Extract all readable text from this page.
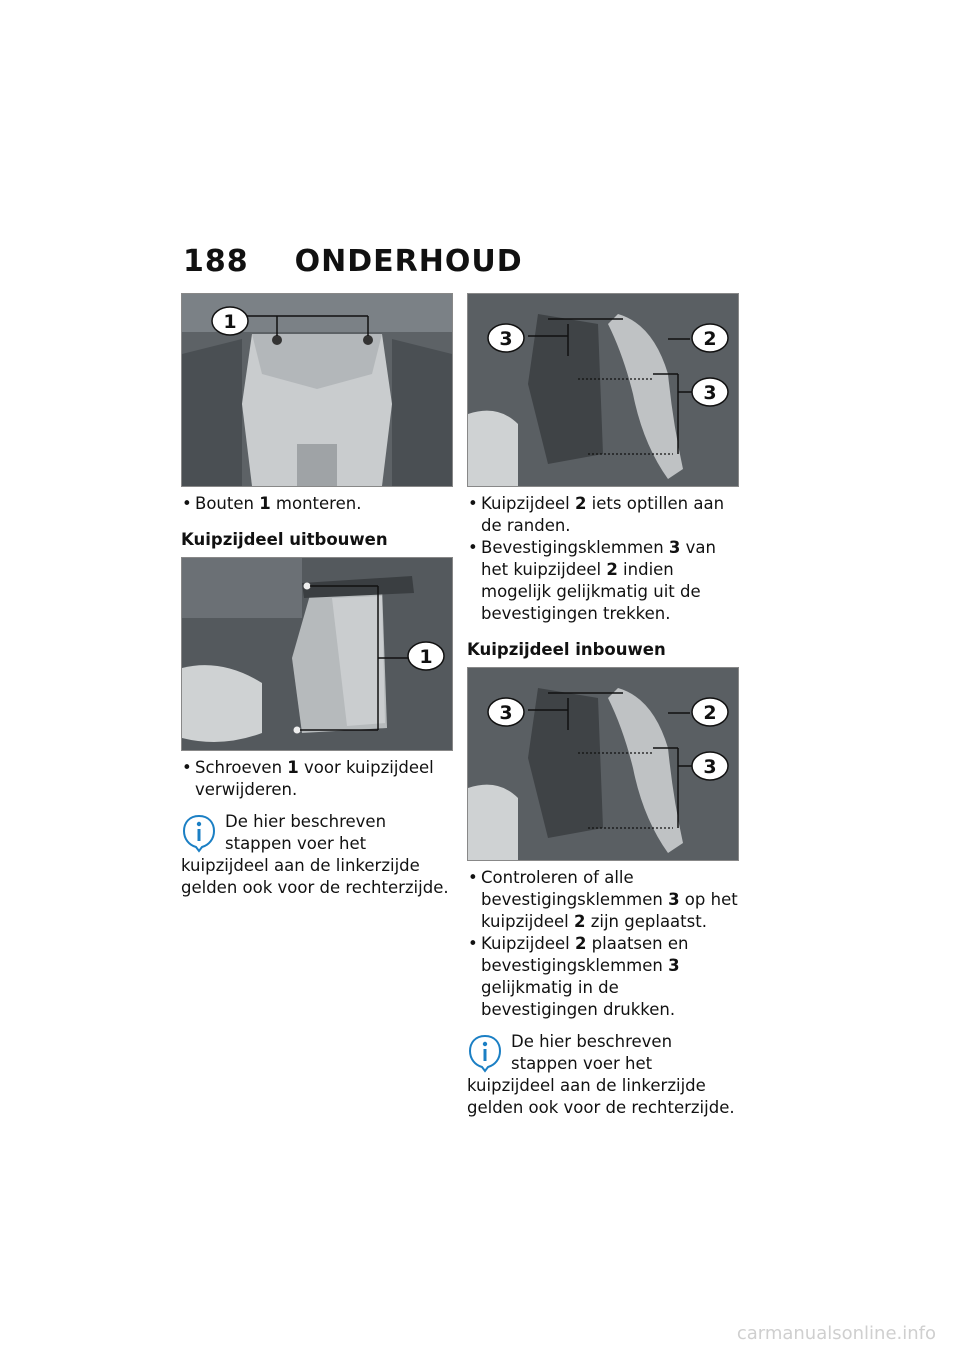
188 ONDERHOUD
1

• Bouten 1 monteren.

Kuipzijdeel uitbouwen

1

• Schroeven 1 voor kuipzijdeel verwijderen.

De hier beschreven stappen voer het kuipzijdeel aan de linkerzijde gelden ook voor de rechterzijde.
3	2
3

• Kuipzijdeel 2 iets optillen aan de randen.

• Bevestigingsklemmen 3 van het kuipzijdeel 2 indien mogelijk gelijkmatig uit de bevestigingen trekken.

Kuipzijdeel inbouwen

3	2
3

• Controleren of alle bevestigingsklemmen 3 op het kuipzijdeel 2 zijn geplaatst.

• Kuipzijdeel 2 plaatsen en bevestigingsklemmen 3 gelijkmatig in de bevestigingen drukken.

De hier beschreven stappen voer het kuipzijdeel aan de linkerzijde gelden ook voor de rechterzijde.
carmanualsonline.info
